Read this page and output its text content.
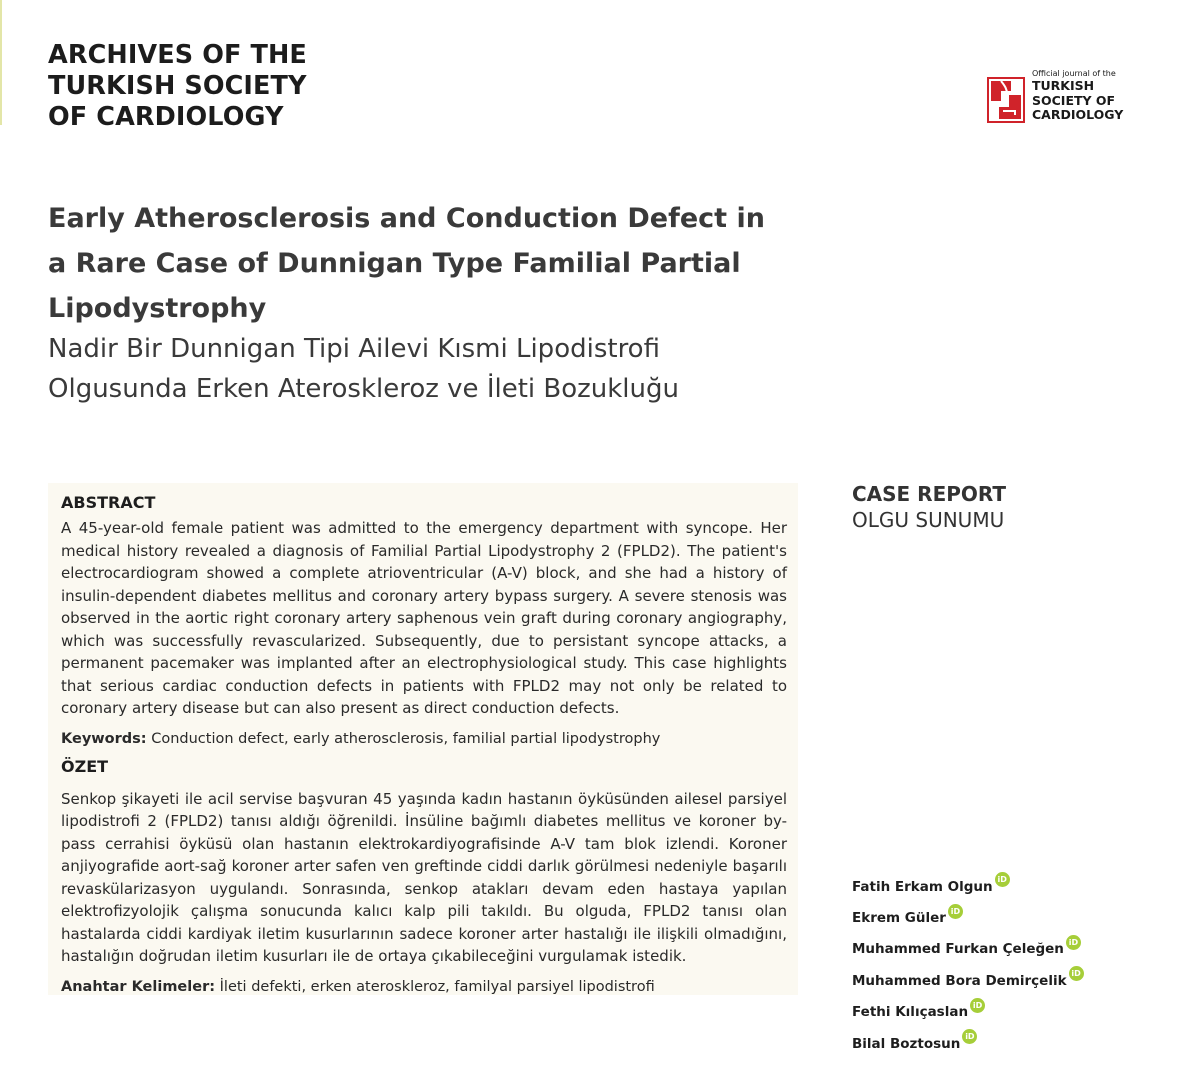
ARCHIVES OF THE
TURKISH SOCIETY
OF CARDIOLOGY
Official journal of the
TURKISH
SOCIETY OF
CARDIOLOGY
Early Atherosclerosis and Conduction Defect in a Rare Case of Dunnigan Type Familial Partial Lipodystrophy
Nadir Bir Dunnigan Tipi Ailevi Kısmi Lipodistrofi Olgusunda Erken Ateroskleroz ve İleti Bozukluğu
ABSTRACT

A 45-year-old female patient was admitted to the emergency department with syncope. Her medical history revealed a diagnosis of Familial Partial Lipodystrophy 2 (FPLD2). The patient's electrocardiogram showed a complete atrioventricular (A-V) block, and she had a history of insulin-dependent diabetes mellitus and coronary artery bypass surgery. A severe stenosis was observed in the aortic right coronary artery saphenous vein graft during coronary angiography, which was successfully revascularized. Subsequently, due to persistant syncope attacks, a permanent pacemaker was implanted after an electrophysiological study. This case highlights that serious cardiac conduction defects in patients with FPLD2 may not only be related to coronary artery disease but can also present as direct conduction defects.

Keywords: Conduction defect, early atherosclerosis, familial partial lipodystrophy
ÖZET

Senkop şikayeti ile acil servise başvuran 45 yaşında kadın hastanın öyküsünden ailesel parsiyel lipodistrofi 2 (FPLD2) tanısı aldığı öğrenildi. İnsüline bağımlı diabetes mellitus ve koroner by-pass cerrahisi öyküsü olan hastanın elektrokardiyografisinde A-V tam blok izlendi. Koroner anjiyografide aort-sağ koroner arter safen ven greftinde ciddi darlık görülmesi nedeniyle başarılı revaskülarizasyon uygulandı. Sonrasında, senkop atakları devam eden hastaya yapılan elektrofizyolojik çalışma sonucunda kalıcı kalp pili takıldı. Bu olguda, FPLD2 tanısı olan hastalarda ciddi kardiyak iletim kusurlarının sadece koroner arter hastalığı ile ilişkili olmadığını, hastalığın doğrudan iletim kusurları ile de ortaya çıkabileceğini vurgulamak istedik.

Anahtar Kelimeler: İleti defekti, erken ateroskleroz, familyal parsiyel lipodistrofi
CASE REPORT
OLGU SUNUMU
Fatih Erkam Olgun iD
Ekrem Güler iD
Muhammed Furkan Çeleğen iD
Muhammed Bora Demirçelik iD
Fethi Kılıçaslan iD
Bilal Boztosun iD
